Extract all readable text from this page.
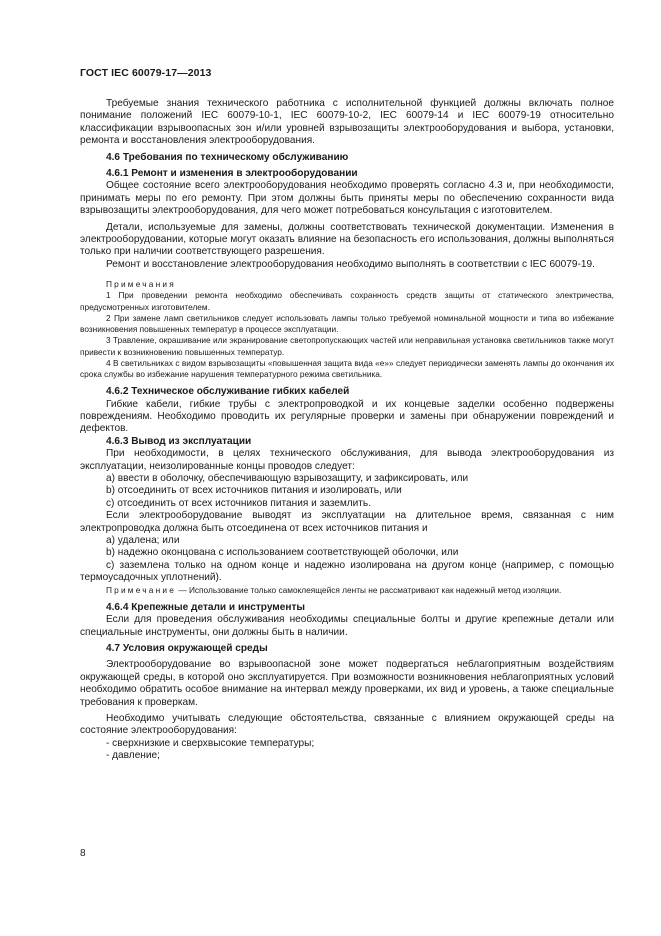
ГОСТ IEC 60079-17—2013

Требуемые знания технического работника с исполнительной функцией должны включать полное понимание положений IEC 60079-10-1, IEC 60079-10-2, IEC 60079-14 и IEC 60079-19 относительно классификации взрывоопасных зон и/или уровней взрывозащиты электрооборудования и выбора, установки, ремонта и восстановления электрооборудования.

4.6 Требования по техническому обслуживанию
4.6.1 Ремонт и изменения в электрооборудовании

Общее состояние всего электрооборудования необходимо проверять согласно 4.3 и, при необходимости, принимать меры по его ремонту. При этом должны быть приняты меры по обеспечению сохранности вида взрывозащиты электрооборудования, для чего может потребоваться консультация с изготовителем.

Детали, используемые для замены, должны соответствовать технической документации. Изменения в электрооборудовании, которые могут оказать влияние на безопасность его использования, должны выполняться только при наличии соответствующего разрешения.

Ремонт и восстановление электрооборудования необходимо выполнять в соответствии с IEC 60079-19.

Примечания

1 При проведении ремонта необходимо обеспечивать сохранность средств защиты от статического электричества, предусмотренных изготовителем.

2 При замене ламп светильников следует использовать лампы только требуемой номинальной мощности и типа во избежание возникновения повышенных температур в процессе эксплуатации.

3 Травление, окрашивание или экранирование светопропускающих частей или неправильная установка светильников также могут привести к возникновению повышенных температур.

4 В светильниках с видом взрывозащиты «повышенная защита вида «е»» следует периодически заменять лампы до окончания их срока службы во избежание нарушения температурного режима светильника.

4.6.2 Техническое обслуживание гибких кабелей

Гибкие кабели, гибкие трубы с электропроводкой и их концевые заделки особенно подвержены повреждениям. Необходимо проводить их регулярные проверки и замены при обнаружении повреждений и дефектов.

4.6.3 Вывод из эксплуатации

При необходимости, в целях технического обслуживания, для вывода электрооборудования из эксплуатации, неизолированные концы проводов следует:

a) ввести в оболочку, обеспечивающую взрывозащиту, и зафиксировать, или

b) отсоединить от всех источников питания и изолировать, или

c) отсоединить от всех источников питания и заземлить.

Если электрооборудование выводят из эксплуатации на длительное время, связанная с ним электропроводка должна быть отсоединена от всех источников питания и

a) удалена; или

b) надежно оконцована с использованием соответствующей оболочки, или

c) заземлена только на одном конце и надежно изолирована на другом конце (например, с помощью термоусадочных уплотнений).

Примечание — Использование только самоклеящейся ленты не рассматривают как надежный метод изоляции.

4.6.4 Крепежные детали и инструменты

Если для проведения обслуживания необходимы специальные болты и другие крепежные детали или специальные инструменты, они должны быть в наличии.

4.7 Условия окружающей среды

Электрооборудование во взрывоопасной зоне может подвергаться неблагоприятным воздействиям окружающей среды, в которой оно эксплуатируется. При возможности возникновения неблагоприятных условий необходимо обратить особое внимание на интервал между проверками, их вид и уровень, а также специальные требования к проверкам.

Необходимо учитывать следующие обстоятельства, связанные с влиянием окружающей среды на состояние электрооборудования:

- сверхнизкие и сверхвысокие температуры;

- давление;

8
